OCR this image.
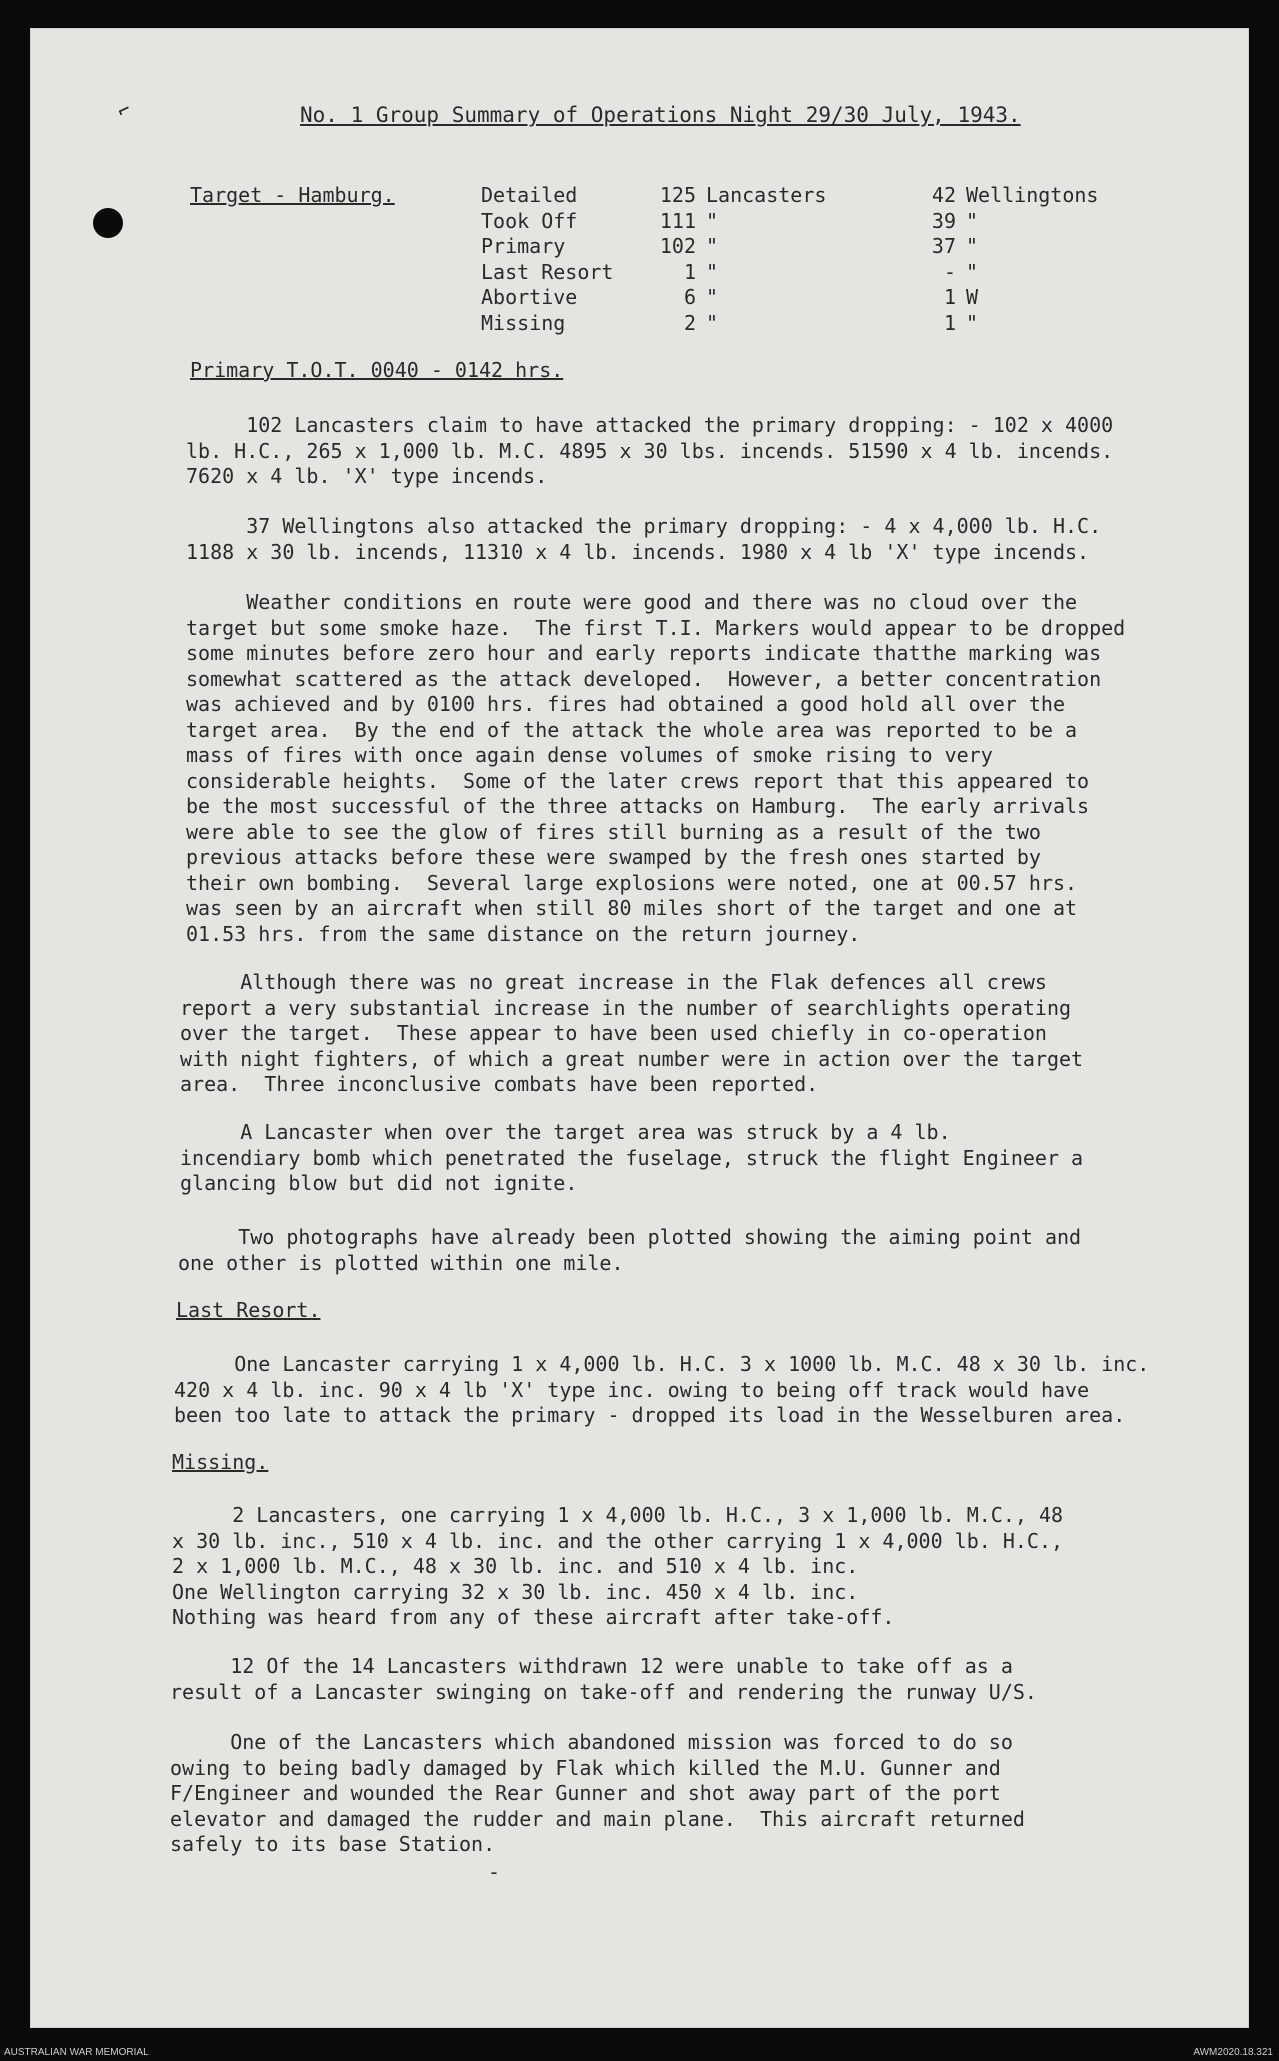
⌐	No. 1 Group Summary of Operations Night 29/30 July, 1943.
Target - Hamburg.	Detailed	125 Lancasters	42 Wellingtons
Took Off	111 "	39 "
Primary	102 "	37 "
Last Resort	1 "	- "
Abortive	6 "	1 W
Missing	2 "	1 "
Primary T.O.T. 0040 - 0142 hrs.
102 Lancasters claim to have attacked the primary dropping: - 102 x 4000
lb. H.C., 265 x 1,000 lb. M.C. 4895 x 30 lbs. incends. 51590 x 4 lb. incends.
7620 x 4 lb. 'X' type incends.
37 Wellingtons also attacked the primary dropping: - 4 x 4,000 lb. H.C.
1188 x 30 lb. incends, 11310 x 4 lb. incends. 1980 x 4 lb 'X' type incends.
Weather conditions en route were good and there was no cloud over the
target but some smoke haze.  The first T.I. Markers would appear to be dropped
some minutes before zero hour and early reports indicate thatthe marking was
somewhat scattered as the attack developed.  However, a better concentration
was achieved and by 0100 hrs. fires had obtained a good hold all over the
target area.  By the end of the attack the whole area was reported to be a
mass of fires with once again dense volumes of smoke rising to very
considerable heights.  Some of the later crews report that this appeared to
be the most successful of the three attacks on Hamburg.  The early arrivals
were able to see the glow of fires still burning as a result of the two
previous attacks before these were swamped by the fresh ones started by
their own bombing.  Several large explosions were noted, one at 00.57 hrs.
was seen by an aircraft when still 80 miles short of the target and one at
01.53 hrs. from the same distance on the return journey.
Although there was no great increase in the Flak defences all crews
report a very substantial increase in the number of searchlights operating
over the target.  These appear to have been used chiefly in co-operation
with night fighters, of which a great number were in action over the target
area.  Three inconclusive combats have been reported.
A Lancaster when over the target area was struck by a 4 lb.
incendiary bomb which penetrated the fuselage, struck the flight Engineer a
glancing blow but did not ignite.
Two photographs have already been plotted showing the aiming point and
one other is plotted within one mile.
Last Resort.
One Lancaster carrying 1 x 4,000 lb. H.C. 3 x 1000 lb. M.C. 48 x 30 lb. inc.
420 x 4 lb. inc. 90 x 4 lb 'X' type inc. owing to being off track would have
been too late to attack the primary - dropped its load in the Wesselburen area.
Missing.
2 Lancasters, one carrying 1 x 4,000 lb. H.C., 3 x 1,000 lb. M.C., 48
x 30 lb. inc., 510 x 4 lb. inc. and the other carrying 1 x 4,000 lb. H.C.,
2 x 1,000 lb. M.C., 48 x 30 lb. inc. and 510 x 4 lb. inc.
One Wellington carrying 32 x 30 lb. inc. 450 x 4 lb. inc.
Nothing was heard from any of these aircraft after take-off.
12 Of the 14 Lancasters withdrawn 12 were unable to take off as a
result of a Lancaster swinging on take-off and rendering the runway U/S.
One of the Lancasters which abandoned mission was forced to do so
owing to being badly damaged by Flak which killed the M.U. Gunner and
F/Engineer and wounded the Rear Gunner and shot away part of the port
elevator and damaged the rudder and main plane.  This aircraft returned
safely to its base Station.
-
AUSTRALIAN WAR MEMORIAL	AWM2020.18.321
